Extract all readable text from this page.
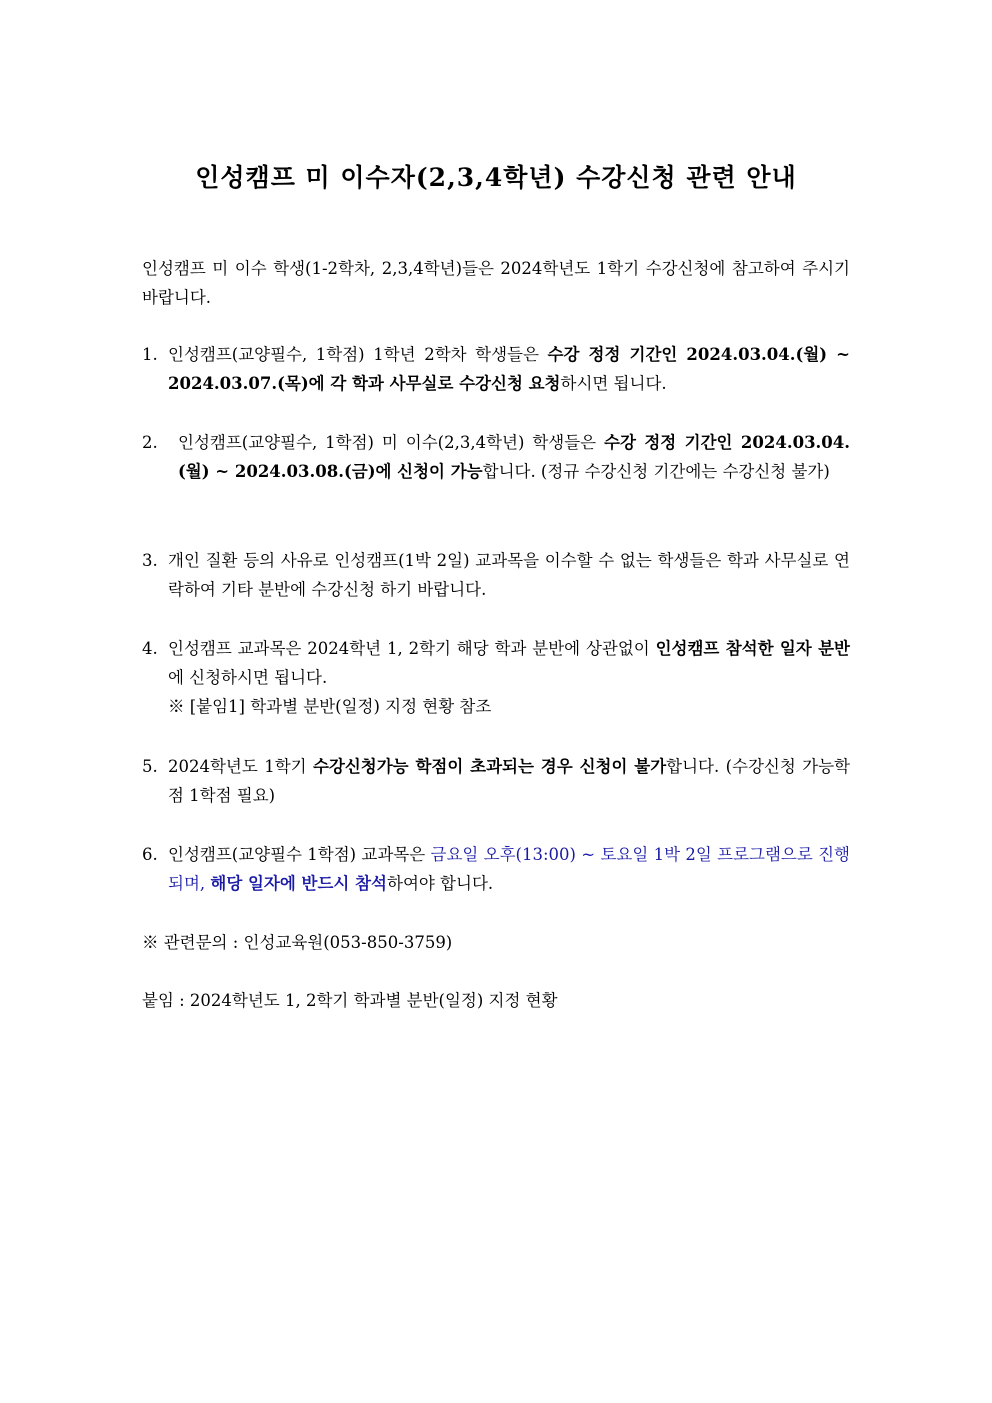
인성캠프 미 이수자(2,3,4학년) 수강신청 관련 안내
인성캠프 미 이수 학생(1-2학차, 2,3,4학년)들은 2024학년도 1학기 수강신청에 참고하여 주시기 바랍니다.
1. 인성캠프(교양필수, 1학점) 1학년 2학차 학생들은 수강 정정 기간인 2024.03.04.(월) ~ 2024.03.07.(목)에 각 학과 사무실로 수강신청 요청하시면 됩니다.
2.	인성캠프(교양필수, 1학점) 미 이수(2,3,4학년) 학생들은 수강 정정 기간인 2024.03.04.(월) ~ 2024.03.08.(금)에 신청이 가능합니다. (정규 수강신청 기간에는 수강신청 불가)
3. 개인 질환 등의 사유로 인성캠프(1박 2일) 교과목을 이수할 수 없는 학생들은 학과 사무실로 연락하여 기타 분반에 수강신청 하기 바랍니다.
4. 인성캠프 교과목은 2024학년 1, 2학기 해당 학과 분반에 상관없이 인성캠프 참석한 일자 분반에 신청하시면 됩니다.
※ [붙임1] 학과별 분반(일정) 지정 현황 참조
5. 2024학년도 1학기 수강신청가능 학점이 초과되는 경우 신청이 불가합니다. (수강신청 가능학점 1학점 필요)
6. 인성캠프(교양필수 1학점) 교과목은 금요일 오후(13:00) ~ 토요일 1박 2일 프로그램으로 진행되며, 해당 일자에 반드시 참석하여야 합니다.
※ 관련문의 : 인성교육원(053-850-3759)
붙임 : 2024학년도 1, 2학기 학과별 분반(일정) 지정 현황
